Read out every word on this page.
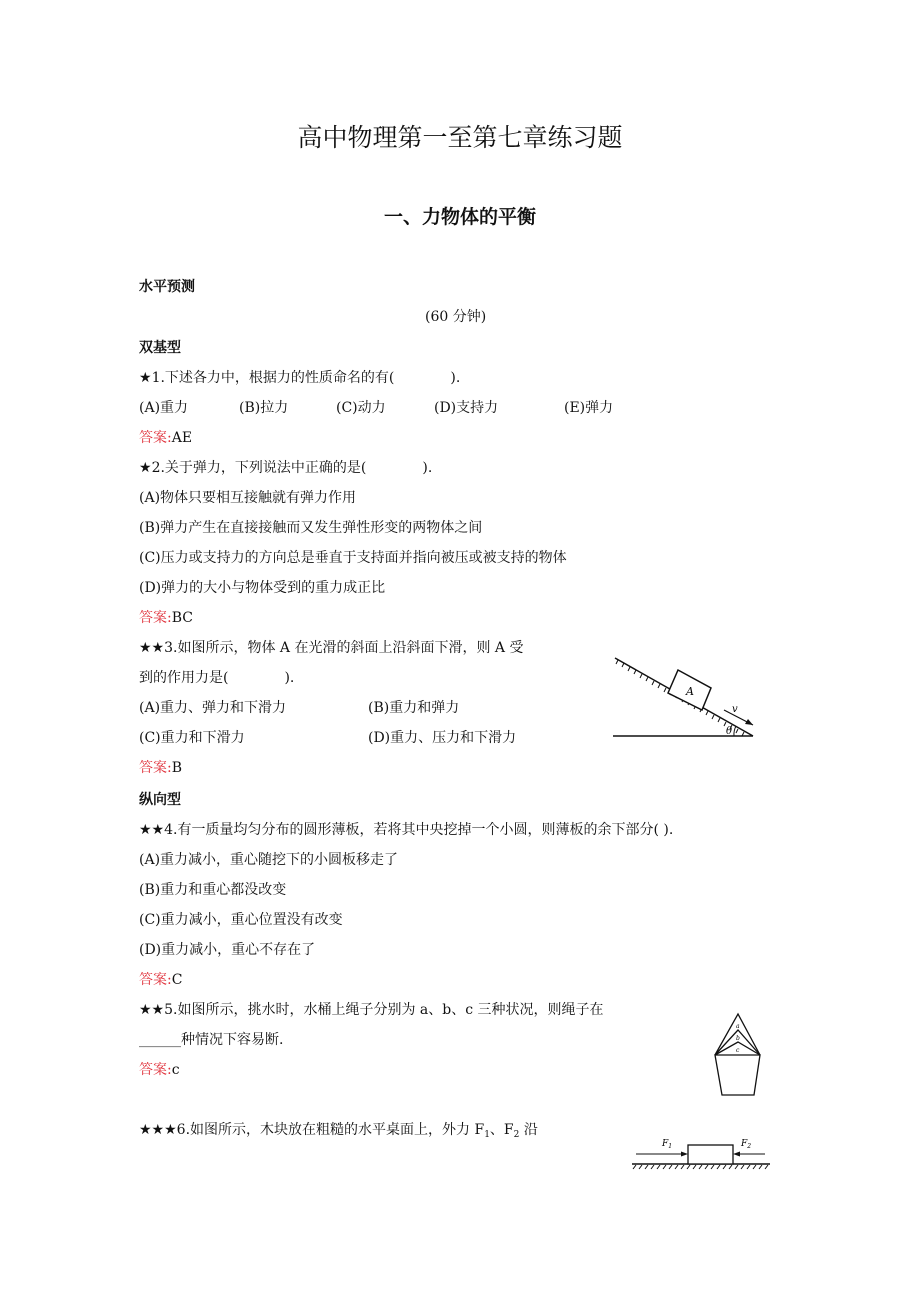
高中物理第一至第七章练习题
一、力物体的平衡
水平预测
(60 分钟)
双基型
★1.下述各力中，根据力的性质命名的有(　　　　).
(A)重力	(B)拉力	(C)动力	(D)支持力	(E)弹力
答案:AE
★2.关于弹力，下列说法中正确的是(　　　　).
(A)物体只要相互接触就有弹力作用
(B)弹力产生在直接接触而又发生弹性形变的两物体之间
(C)压力或支持力的方向总是垂直于支持面并指向被压或被支持的物体
(D)弹力的大小与物体受到的重力成正比
答案:BC
★★3.如图所示，物体 A 在光滑的斜面上沿斜面下滑，则 A 受
到的作用力是(　　　　).
(A)重力、弹力和下滑力	(B)重力和弹力
(C)重力和下滑力	(D)重力、压力和下滑力
答案:B
A
v
θ
纵向型
★★4.有一质量均匀分布的圆形薄板，若将其中央挖掉一个小圆，则薄板的余下部分( ).
(A)重力减小，重心随挖下的小圆板移走了
(B)重力和重心都没改变
(C)重力减小，重心位置没有改变
(D)重力减小，重心不存在了
答案:C
★★5.如图所示，挑水时，水桶上绳子分别为 a、b、c 三种状况，则绳子在
______种情况下容易断.
答案:c
a
b
c
★★★6.如图所示，木块放在粗糙的水平桌面上，外力 $F_1$、$F_2$ 沿
$F_1$	$F_2$
